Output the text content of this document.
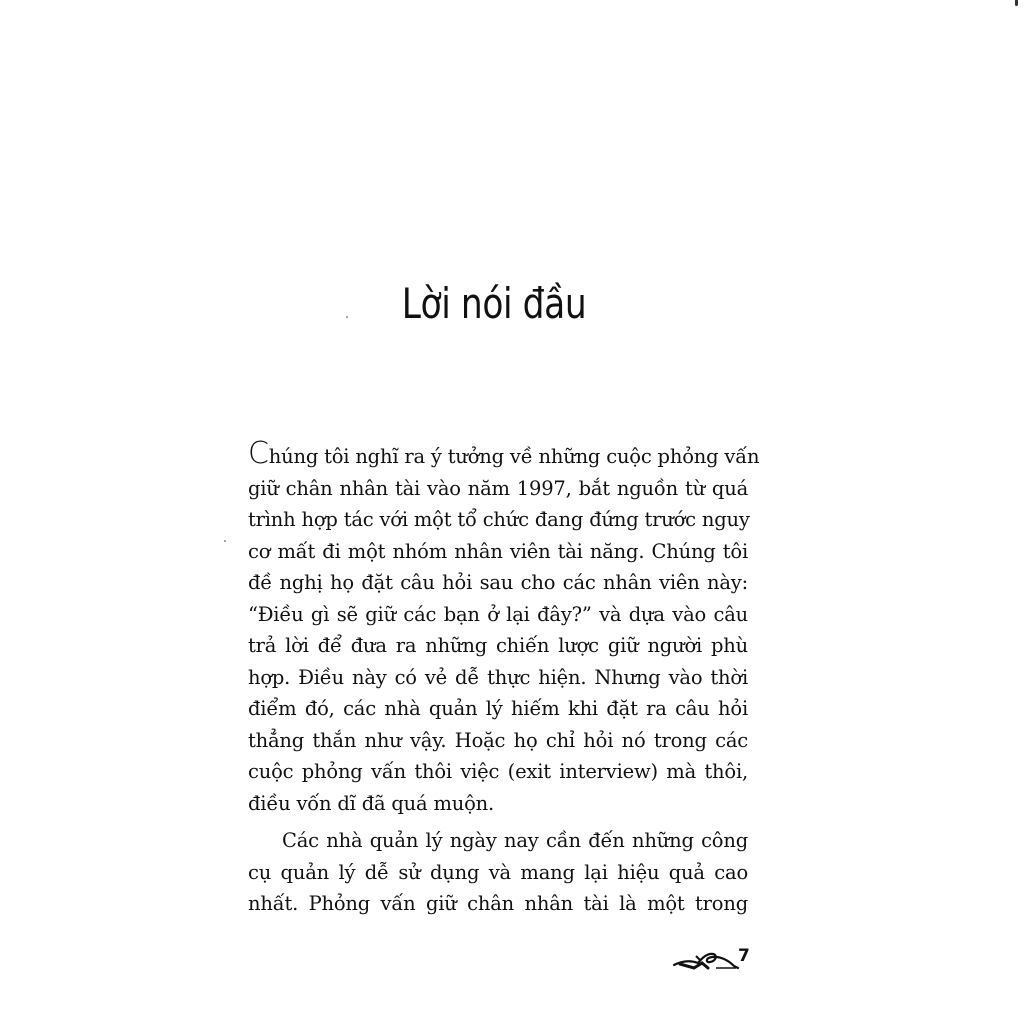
Lời nói đầu
Chúng tôi nghĩ ra ý tưởng về những cuộc phỏng vấn
giữ chân nhân tài vào năm 1997, bắt nguồn từ quá
trình hợp tác với một tổ chức đang đứng trước nguy
cơ mất đi một nhóm nhân viên tài năng. Chúng tôi
đề nghị họ đặt câu hỏi sau cho các nhân viên này:
“Điều gì sẽ giữ các bạn ở lại đây?” và dựa vào câu
trả lời để đưa ra những chiến lược giữ người phù
hợp. Điều này có vẻ dễ thực hiện. Nhưng vào thời
điểm đó, các nhà quản lý hiếm khi đặt ra câu hỏi
thẳng thắn như vậy. Hoặc họ chỉ hỏi nó trong các
cuộc phỏng vấn thôi việc (exit interview) mà thôi,
điều vốn dĩ đã quá muộn.
Các nhà quản lý ngày nay cần đến những công
cụ quản lý dễ sử dụng và mang lại hiệu quả cao
nhất. Phỏng vấn giữ chân nhân tài là một trong
7
